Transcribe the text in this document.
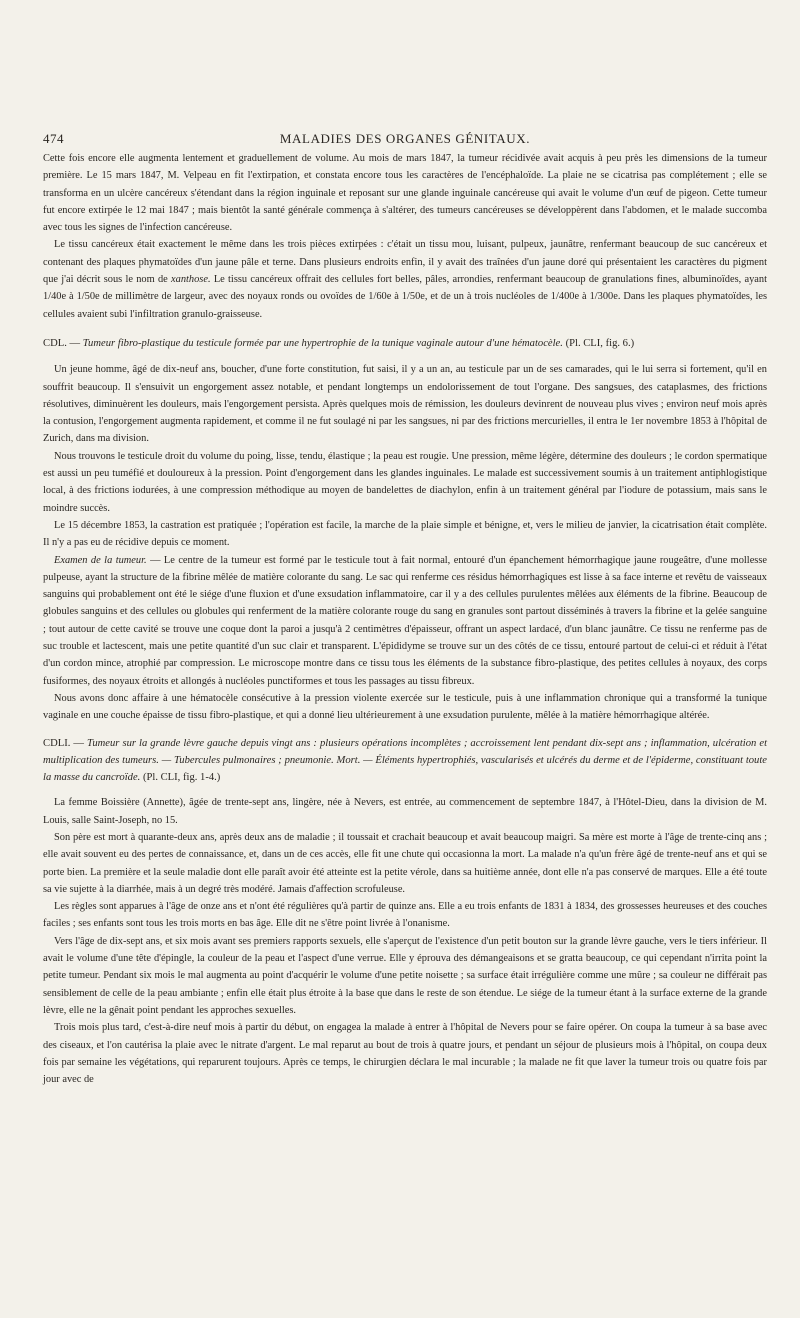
474	MALADIES DES ORGANES GÉNITAUX.

Cette fois encore elle augmenta lentement et graduellement de volume. Au mois de mars 1847, la tumeur récidivée avait acquis à peu près les dimensions de la tumeur première. Le 15 mars 1847, M. Velpeau en fit l'extirpation, et constata encore tous les caractères de l'encéphaloïde. La plaie ne se cicatrisa pas complétement ; elle se transforma en un ulcère cancéreux s'étendant dans la région inguinale et reposant sur une glande inguinale cancéreuse qui avait le volume d'un œuf de pigeon. Cette tumeur fut encore extirpée le 12 mai 1847 ; mais bientôt la santé générale commença à s'altérer, des tumeurs cancéreuses se développèrent dans l'abdomen, et le malade succomba avec tous les signes de l'infection cancéreuse.

Le tissu cancéreux était exactement le même dans les trois pièces extirpées : c'était un tissu mou, luisant, pulpeux, jaunâtre, renfermant beaucoup de suc cancéreux et contenant des plaques phymatoïdes d'un jaune pâle et terne. Dans plusieurs endroits enfin, il y avait des traînées d'un jaune doré qui présentaient les caractères du pigment que j'ai décrit sous le nom de xanthose. Le tissu cancéreux offrait des cellules fort belles, pâles, arrondies, renfermant beaucoup de granulations fines, albuminoïdes, ayant 1/40e à 1/50e de millimètre de largeur, avec des noyaux ronds ou ovoïdes de 1/60e à 1/50e, et de un à trois nucléoles de 1/400e à 1/300e. Dans les plaques phymatoïdes, les cellules avaient subi l'infiltration granulo-graisseuse.

CDL. — Tumeur fibro-plastique du testicule formée par une hypertrophie de la tunique vaginale autour d'une hématocèle. (Pl. CLI, fig. 6.)

Un jeune homme, âgé de dix-neuf ans, boucher, d'une forte constitution, fut saisi, il y a un an, au testicule par un de ses camarades, qui le lui serra si fortement, qu'il en souffrit beaucoup. Il s'ensuivit un engorgement assez notable, et pendant longtemps un endolorissement de tout l'organe. Des sangsues, des cataplasmes, des frictions résolutives, diminuèrent les douleurs, mais l'engorgement persista. Après quelques mois de rémission, les douleurs devinrent de nouveau plus vives ; environ neuf mois après la contusion, l'engorgement augmenta rapidement, et comme il ne fut soulagé ni par les sangsues, ni par des frictions mercurielles, il entra le 1er novembre 1853 à l'hôpital de Zurich, dans ma division.

Nous trouvons le testicule droit du volume du poing, lisse, tendu, élastique ; la peau est rougie. Une pression, même légère, détermine des douleurs ; le cordon spermatique est aussi un peu tuméfié et douloureux à la pression. Point d'engorgement dans les glandes inguinales. Le malade est successivement soumis à un traitement antiphlogistique local, à des frictions iodurées, à une compression méthodique au moyen de bandelettes de diachylon, enfin à un traitement général par l'iodure de potassium, mais sans le moindre succès.

Le 15 décembre 1853, la castration est pratiquée ; l'opération est facile, la marche de la plaie simple et bénigne, et, vers le milieu de janvier, la cicatrisation était complète. Il n'y a pas eu de récidive depuis ce moment.

Examen de la tumeur. — Le centre de la tumeur est formé par le testicule tout à fait normal, entouré d'un épanchement hémorrhagique jaune rougeâtre, d'une mollesse pulpeuse, ayant la structure de la fibrine mêlée de matière colorante du sang. Le sac qui renferme ces résidus hémorrhagiques est lisse à sa face interne et revêtu de vaisseaux sanguins qui probablement ont été le siége d'une fluxion et d'une exsudation inflammatoire, car il y a des cellules purulentes mêlées aux éléments de la fibrine. Beaucoup de globules sanguins et des cellules ou globules qui renferment de la matière colorante rouge du sang en granules sont partout disséminés à travers la fibrine et la gelée sanguine ; tout autour de cette cavité se trouve une coque dont la paroi a jusqu'à 2 centimètres d'épaisseur, offrant un aspect lardacé, d'un blanc jaunâtre. Ce tissu ne renferme pas de suc trouble et lactescent, mais une petite quantité d'un suc clair et transparent. L'épididyme se trouve sur un des côtés de ce tissu, entouré partout de celui-ci et réduit à l'état d'un cordon mince, atrophié par compression. Le microscope montre dans ce tissu tous les éléments de la substance fibro-plastique, des petites cellules à noyaux, des corps fusiformes, des noyaux étroits et allongés à nucléoles punctiformes et tous les passages au tissu fibreux.

Nous avons donc affaire à une hématocèle consécutive à la pression violente exercée sur le testicule, puis à une inflammation chronique qui a transformé la tunique vaginale en une couche épaisse de tissu fibro-plastique, et qui a donné lieu ultérieurement à une exsudation purulente, mêlée à la matière hémorrhagique altérée.

CDLI. — Tumeur sur la grande lèvre gauche depuis vingt ans : plusieurs opérations incomplètes ; accroissement lent pendant dix-sept ans ; inflammation, ulcération et multiplication des tumeurs. — Tubercules pulmonaires ; pneumonie. Mort. — Éléments hypertrophiés, vascularisés et ulcérés du derme et de l'épiderme, constituant toute la masse du cancroïde. (Pl. CLI, fig. 1-4.)

La femme Boissière (Annette), âgée de trente-sept ans, lingère, née à Nevers, est entrée, au commencement de septembre 1847, à l'Hôtel-Dieu, dans la division de M. Louis, salle Saint-Joseph, no 15.

Son père est mort à quarante-deux ans, après deux ans de maladie ; il toussait et crachait beaucoup et avait beaucoup maigri. Sa mère est morte à l'âge de trente-cinq ans ; elle avait souvent eu des pertes de connaissance, et, dans un de ces accès, elle fit une chute qui occasionna la mort. La malade n'a qu'un frère âgé de trente-neuf ans et qui se porte bien. La première et la seule maladie dont elle paraît avoir été atteinte est la petite vérole, dans sa huitième année, dont elle n'a pas conservé de marques. Elle a été toute sa vie sujette à la diarrhée, mais à un degré très modéré. Jamais d'affection scrofuleuse.

Les règles sont apparues à l'âge de onze ans et n'ont été régulières qu'à partir de quinze ans. Elle a eu trois enfants de 1831 à 1834, des grossesses heureuses et des couches faciles ; ses enfants sont tous les trois morts en bas âge. Elle dit ne s'être point livrée à l'onanisme.

Vers l'âge de dix-sept ans, et six mois avant ses premiers rapports sexuels, elle s'aperçut de l'existence d'un petit bouton sur la grande lèvre gauche, vers le tiers inférieur. Il avait le volume d'une tête d'épingle, la couleur de la peau et l'aspect d'une verrue. Elle y éprouva des démangeaisons et se gratta beaucoup, ce qui cependant n'irrita point la petite tumeur. Pendant six mois le mal augmenta au point d'acquérir le volume d'une petite noisette ; sa surface était irrégulière comme une mûre ; sa couleur ne différait pas sensiblement de celle de la peau ambiante ; enfin elle était plus étroite à la base que dans le reste de son étendue. Le siége de la tumeur étant à la surface externe de la grande lèvre, elle ne la gênait point pendant les approches sexuelles.

Trois mois plus tard, c'est-à-dire neuf mois à partir du début, on engagea la malade à entrer à l'hôpital de Nevers pour se faire opérer. On coupa la tumeur à sa base avec des ciseaux, et l'on cautérisa la plaie avec le nitrate d'argent. Le mal reparut au bout de trois à quatre jours, et pendant un séjour de plusieurs mois à l'hôpital, on coupa deux fois par semaine les végétations, qui reparurent toujours. Après ce temps, le chirurgien déclara le mal incurable ; la malade ne fit que laver la tumeur trois ou quatre fois par jour avec de
